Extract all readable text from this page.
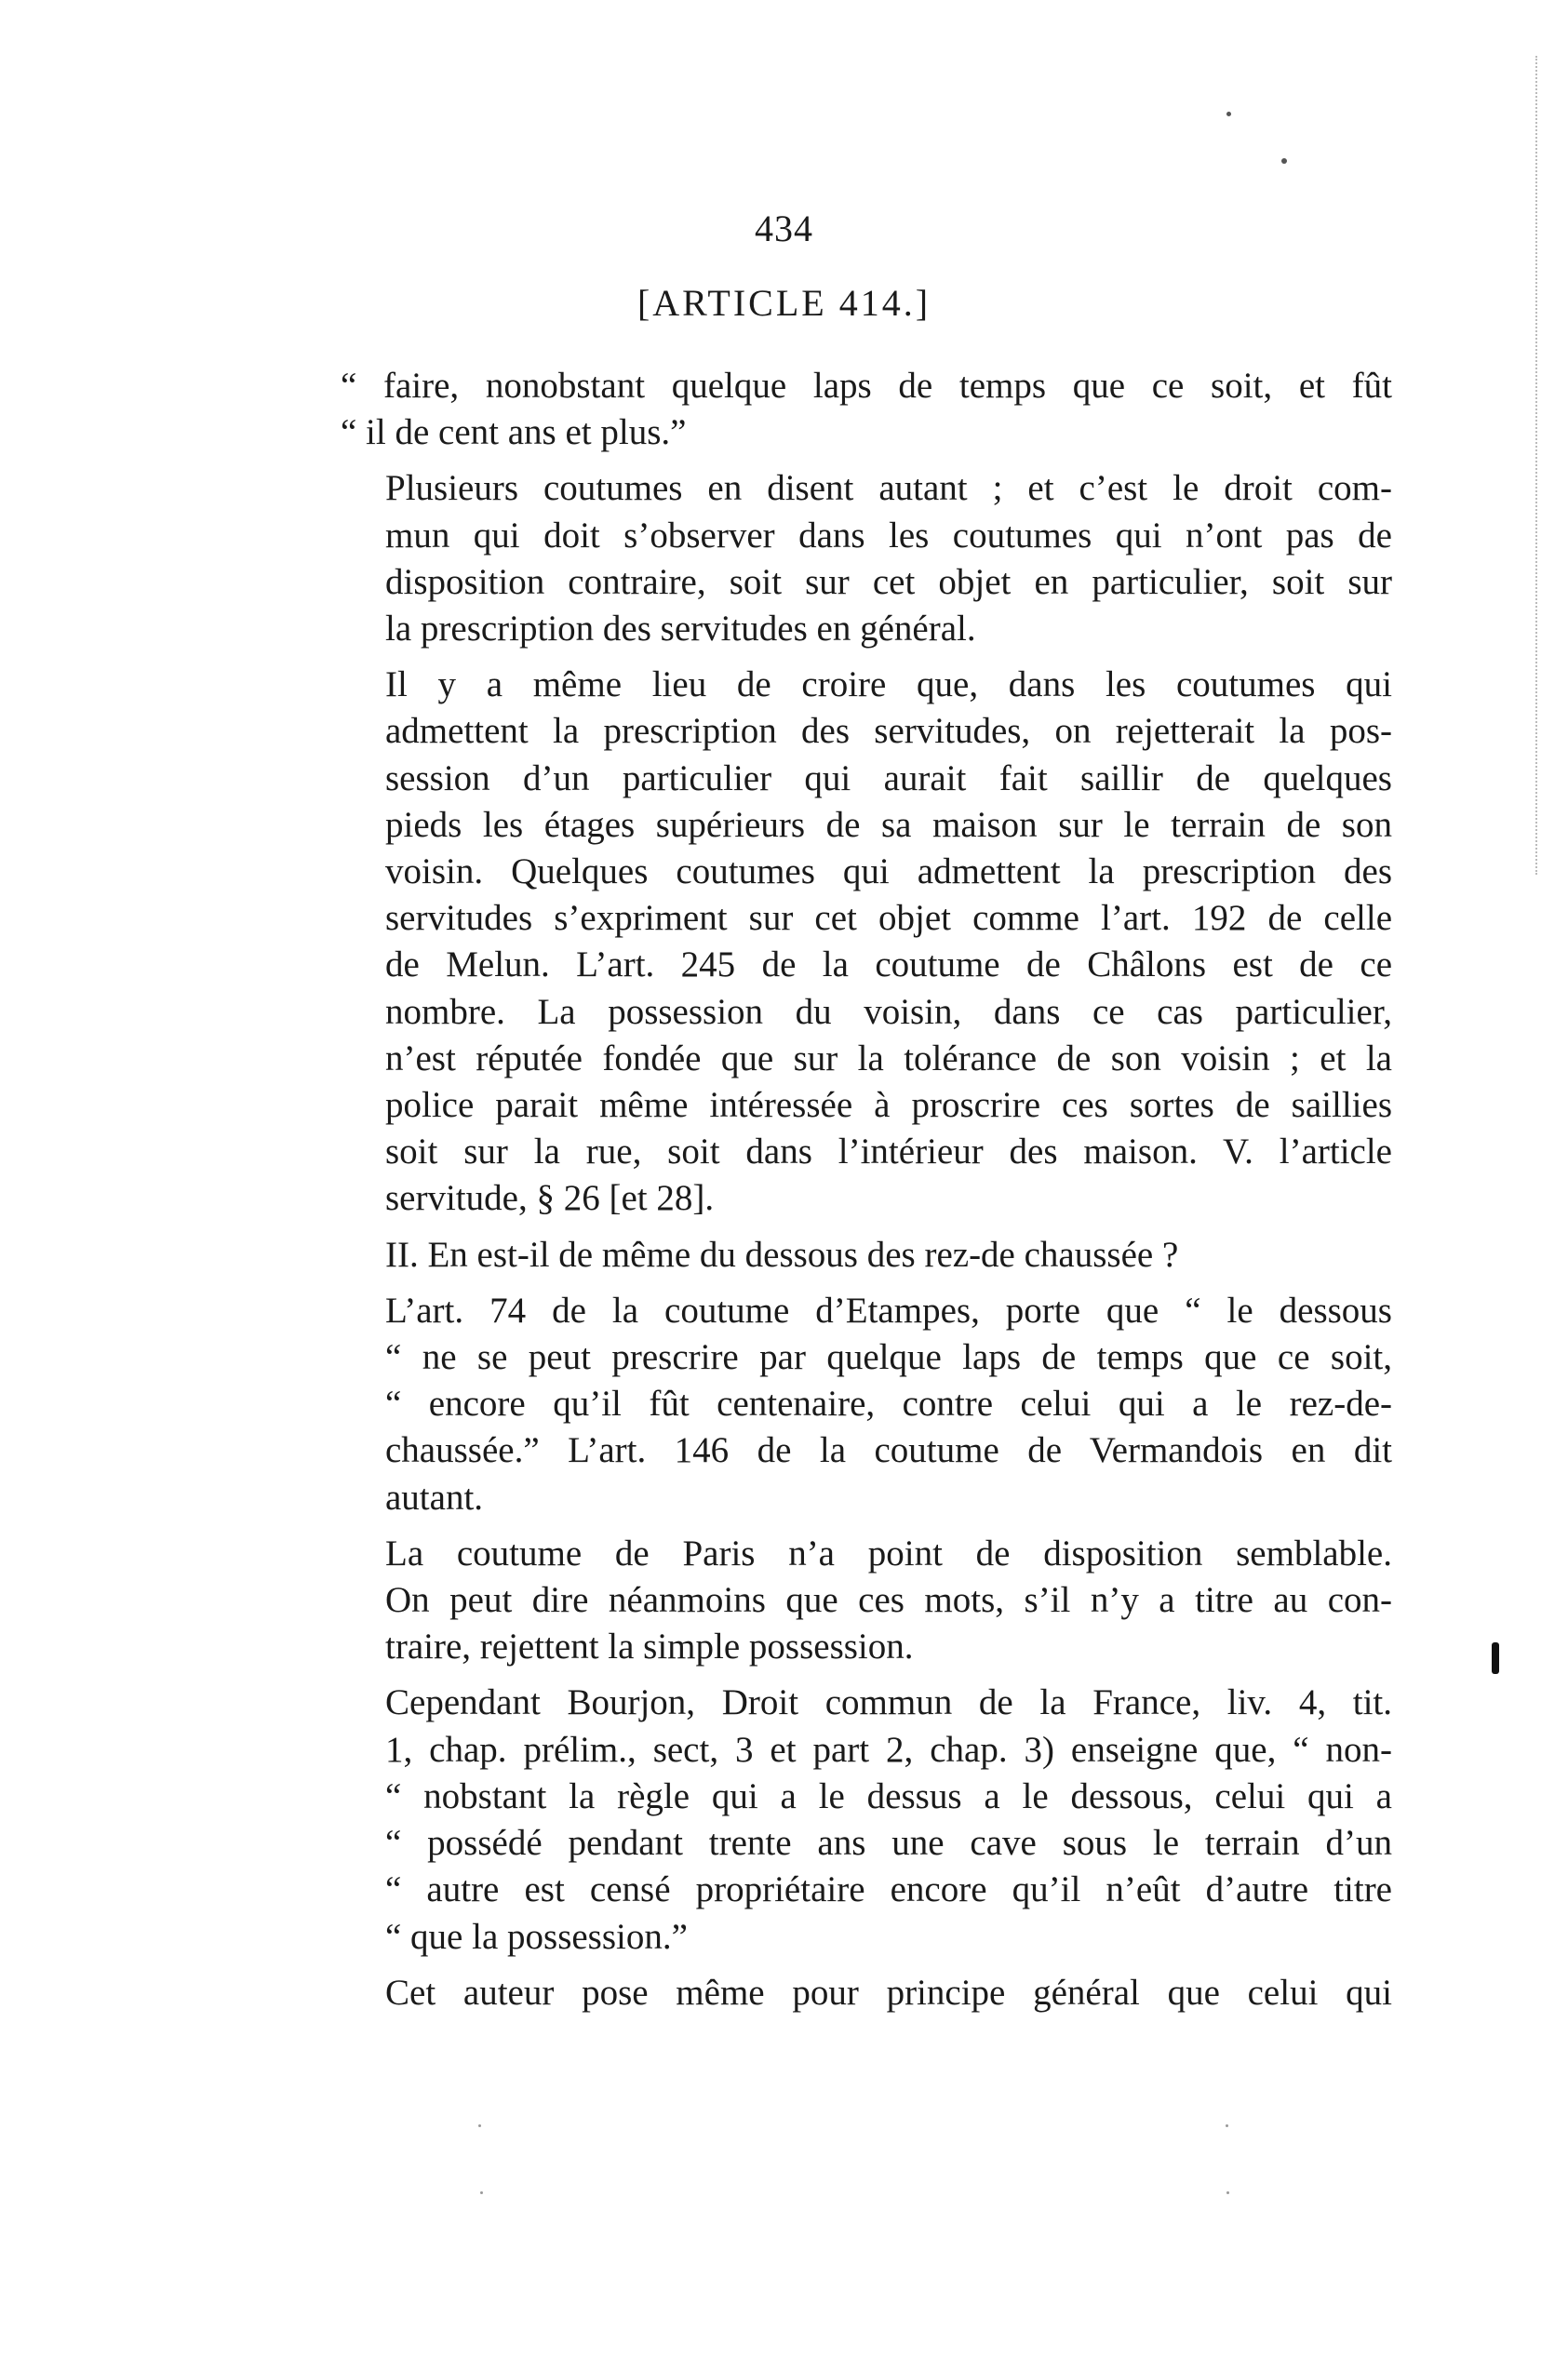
434
[ARTICLE 414.]

“ faire, nonobstant quelque laps de temps que ce soit, et fût
“ il de cent ans et plus.”

Plusieurs coutumes en disent autant ; et c’est le droit com-
mun qui doit s’observer dans les coutumes qui n’ont pas de
disposition contraire, soit sur cet objet en particulier, soit sur
la prescription des servitudes en général.

Il y a même lieu de croire que, dans les coutumes qui
admettent la prescription des servitudes, on rejetterait la pos-
session d’un particulier qui aurait fait saillir de quelques
pieds les étages supérieurs de sa maison sur le terrain de son
voisin. Quelques coutumes qui admettent la prescription des
servitudes s’expriment sur cet objet comme l’art. 192 de celle
de Melun. L’art. 245 de la coutume de Châlons est de ce
nombre. La possession du voisin, dans ce cas particulier,
n’est réputée fondée que sur la tolérance de son voisin ; et la
police parait même intéressée à proscrire ces sortes de saillies
soit sur la rue, soit dans l’intérieur des maison. V. l’article
servitude, § 26 [et 28].

II. En est-il de même du dessous des rez-de chaussée ?

L’art. 74 de la coutume d’Etampes, porte que “ le dessous
“ ne se peut prescrire par quelque laps de temps que ce soit,
“ encore qu’il fût centenaire, contre celui qui a le rez-de-
chaussée.” L’art. 146 de la coutume de Vermandois en dit
autant.

La coutume de Paris n’a point de disposition semblable.
On peut dire néanmoins que ces mots, s’il n’y a titre au con-
traire, rejettent la simple possession.

Cependant Bourjon, Droit commun de la France, liv. 4, tit.
1, chap. prélim., sect, 3 et part 2, chap. 3) enseigne que, “ non-
“ nobstant la règle qui a le dessus a le dessous, celui qui a
“ possédé pendant trente ans une cave sous le terrain d’un
“ autre est censé propriétaire encore qu’il n’eût d’autre titre
“ que la possession.”

Cet auteur pose même pour principe général que celui qui
